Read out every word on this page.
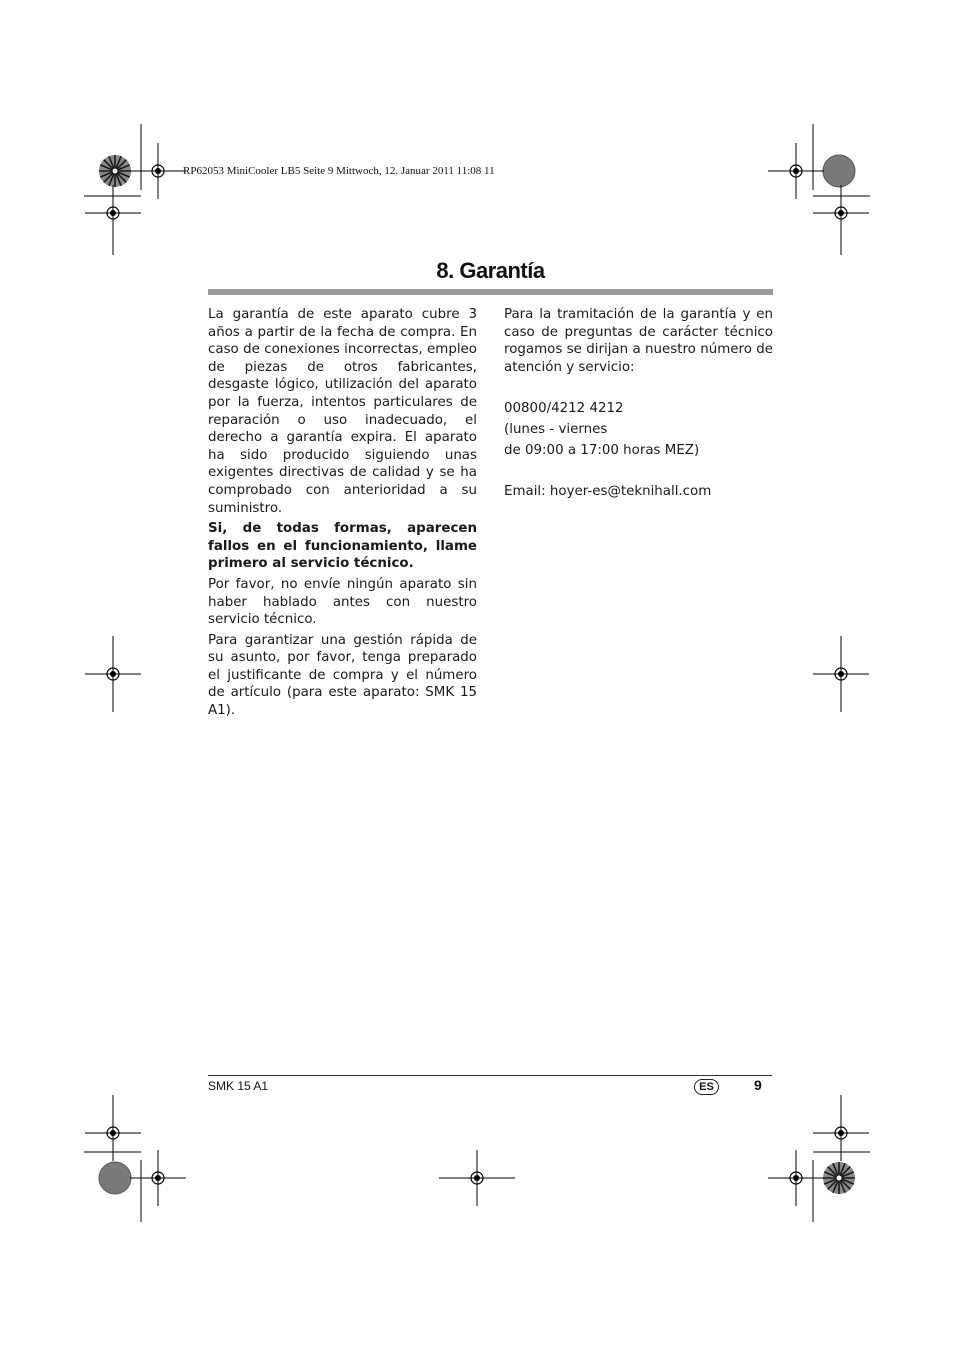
RP62053 MiniCooler LB5 Seite 9 Mittwoch, 12. Januar 2011 11:08 11
8. Garantía

La garantía de este aparato cubre 3 años a partir de la fecha de compra. En caso de conexiones incorrectas, empleo de piezas de otros fabricantes, desgaste lógico, utilización del aparato por la fuerza, intentos particulares de reparación o uso inadecuado, el derecho a garantía expira. El aparato ha sido producido siguiendo unas exigentes directivas de calidad y se ha comprobado con anterioridad a su suministro.

Si, de todas formas, aparecen fallos en el funcionamiento, llame primero al servicio técnico.

Por favor, no envíe ningún aparato sin haber hablado antes con nuestro servicio técnico.

Para garantizar una gestión rápida de su asunto, por favor, tenga preparado el justificante de compra y el número de artículo (para este aparato: SMK 15 A1).

Para la tramitación de la garantía y en caso de preguntas de carácter técnico rogamos se dirijan a nuestro número de atención y servicio:

00800/4212 4212

(lunes - viernes

de 09:00 a 17:00 horas MEZ)

Email: hoyer-es@teknihall.com

SMK 15 A1	ES	9
